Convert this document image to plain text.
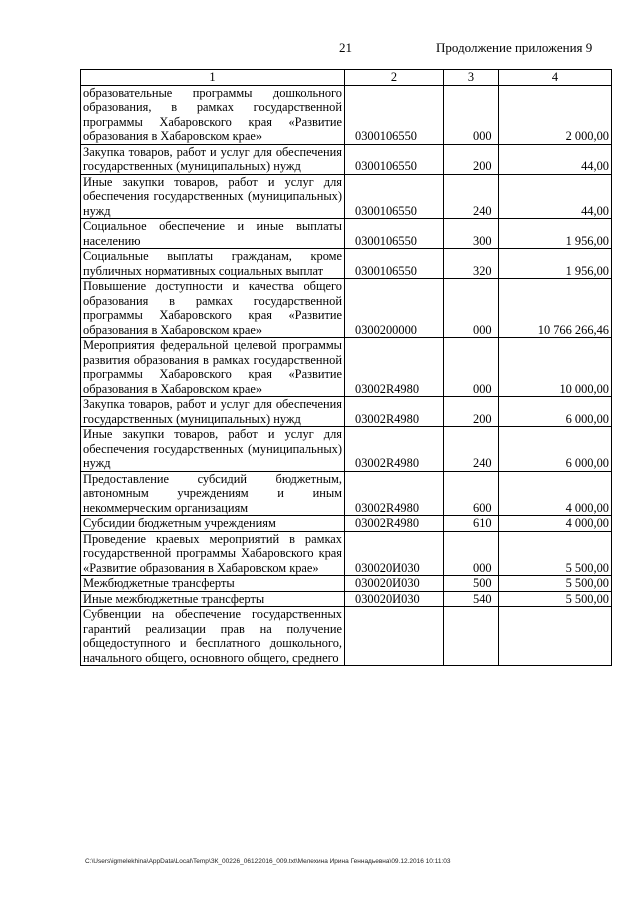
21	Продолжение приложения 9
1	2	3	4
образовательные программы дошкольного образования, в рамках государственной программы Хабаровского края «Развитие образования в Хабаровском крае»	0300106550	000	2 000,00
Закупка товаров, работ и услуг для обеспечения государственных (муниципальных) нужд	0300106550	200	44,00
Иные закупки товаров, работ и услуг для обеспечения государственных (муниципальных) нужд	0300106550	240	44,00
Социальное обеспечение и иные выплаты населению	0300106550	300	1 956,00
Социальные выплаты гражданам, кроме публичных нормативных социальных выплат	0300106550	320	1 956,00
Повышение доступности и качества общего образования в рамках государственной программы Хабаровского края «Развитие образования в Хабаровском крае»	0300200000	000	10 766 266,46
Мероприятия федеральной целевой программы развития образования в рамках государственной программы Хабаровского края «Развитие образования в Хабаровском крае»	03002R4980	000	10 000,00
Закупка товаров, работ и услуг для обеспечения государственных (муниципальных) нужд	03002R4980	200	6 000,00
Иные закупки товаров, работ и услуг для обеспечения государственных (муниципальных) нужд	03002R4980	240	6 000,00
Предоставление субсидий бюджетным, автономным учреждениям и иным некоммерческим организациям	03002R4980	600	4 000,00
Субсидии бюджетным учреждениям	03002R4980	610	4 000,00
Проведение краевых мероприятий в рамках государственной программы Хабаровского края «Развитие образования в Хабаровском крае»	030020И030	000	5 500,00
Межбюджетные трансферты	030020И030	500	5 500,00
Иные межбюджетные трансферты	030020И030	540	5 500,00
Субвенции на обеспечение государственных гарантий реализации прав на получение общедоступного и бесплатного дошкольного, начального общего, основного общего, среднего			
C:\Users\igmelekhina\AppData\Local\Temp\ЗК_00226_06122016_009.txt\Мелехина Ирина Геннадьевна\09.12.2016 10:11:03
